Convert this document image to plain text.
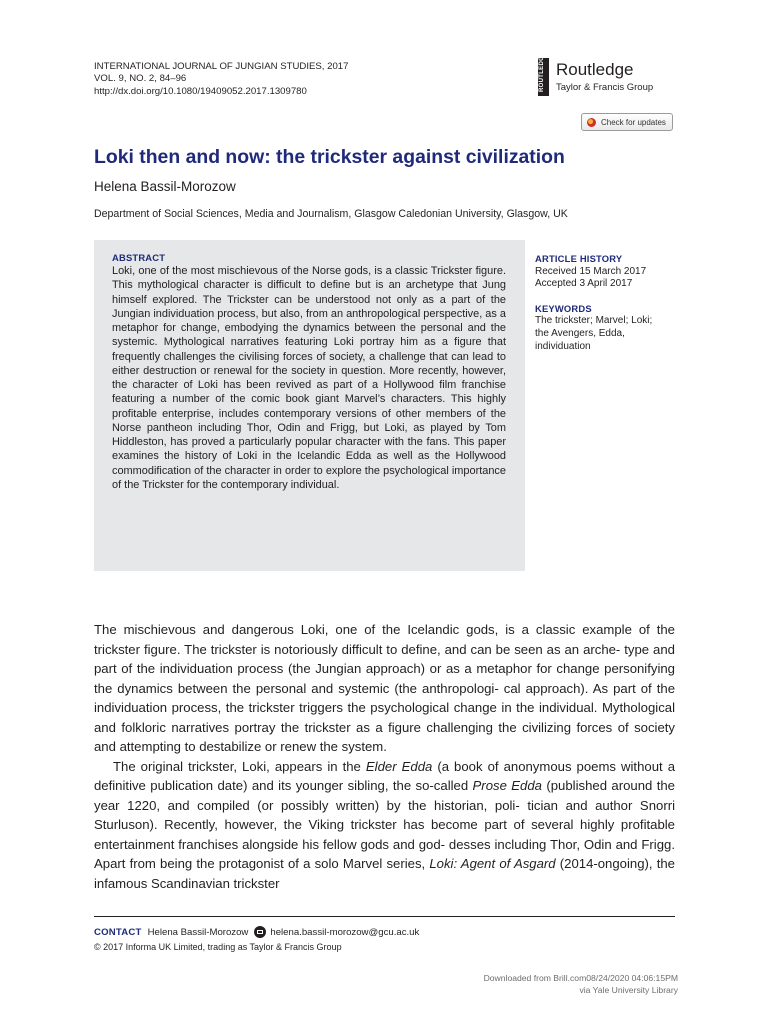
INTERNATIONAL JOURNAL OF JUNGIAN STUDIES, 2017
VOL. 9, NO. 2, 84–96
http://dx.doi.org/10.1080/19409052.2017.1309780	ROUTLEDGE Routledge
Taylor & Francis Group
Check for updates
Loki then and now: the trickster against civilization
Helena Bassil-Morozow
Department of Social Sciences, Media and Journalism, Glasgow Caledonian University, Glasgow, UK
ABSTRACT
Loki, one of the most mischievous of the Norse gods, is a classic Trickster figure. This mythological character is difficult to define but is an archetype that Jung himself explored. The Trickster can be understood not only as a part of the Jungian individuation process, but also, from an anthropological perspective, as a metaphor for change, embodying the dynamics between the personal and the systemic. Mythological narratives featuring Loki portray him as a figure that frequently challenges the civilising forces of society, a challenge that can lead to either destruction or renewal for the society in question. More recently, however, the character of Loki has been revived as part of a Hollywood film franchise featuring a number of the comic book giant Marvel’s characters. This highly profitable enterprise, includes contemporary versions of other members of the Norse pantheon including Thor, Odin and Frigg, but Loki, as played by Tom Hiddleston, has proved a particularly popular character with the fans. This paper examines the history of Loki in the Icelandic Edda as well as the Hollywood commodification of the character in order to explore the psychological importance of the Trickster for the contemporary individual.
ARTICLE HISTORY
Received 15 March 2017
Accepted 3 April 2017
KEYWORDS
The trickster; Marvel; Loki;
the Avengers, Edda,
individuation

The mischievous and dangerous Loki, one of the Icelandic gods, is a classic example of the trickster figure. The trickster is notoriously difficult to define, and can be seen as an arche- type and part of the individuation process (the Jungian approach) or as a metaphor for change personifying the dynamics between the personal and systemic (the anthropologi- cal approach). As part of the individuation process, the trickster triggers the psychological change in the individual. Mythological and folkloric narratives portray the trickster as a figure challenging the civilizing forces of society and attempting to destabilize or renew the system.

The original trickster, Loki, appears in the Elder Edda (a book of anonymous poems without a definitive publication date) and its younger sibling, the so-called Prose Edda (published around the year 1220, and compiled (or possibly written) by the historian, poli- tician and author Snorri Sturluson). Recently, however, the Viking trickster has become part of several highly profitable entertainment franchises alongside his fellow gods and god- desses including Thor, Odin and Frigg. Apart from being the protagonist of a solo Marvel series, Loki: Agent of Asgard (2014-ongoing), the infamous Scandinavian trickster

CONTACT Helena Bassil-Morozow helena.bassil-morozow@gcu.ac.uk
© 2017 Informa UK Limited, trading as Taylor & Francis Group
Downloaded from Brill.com08/24/2020 04:06:15PM
via Yale University Library
